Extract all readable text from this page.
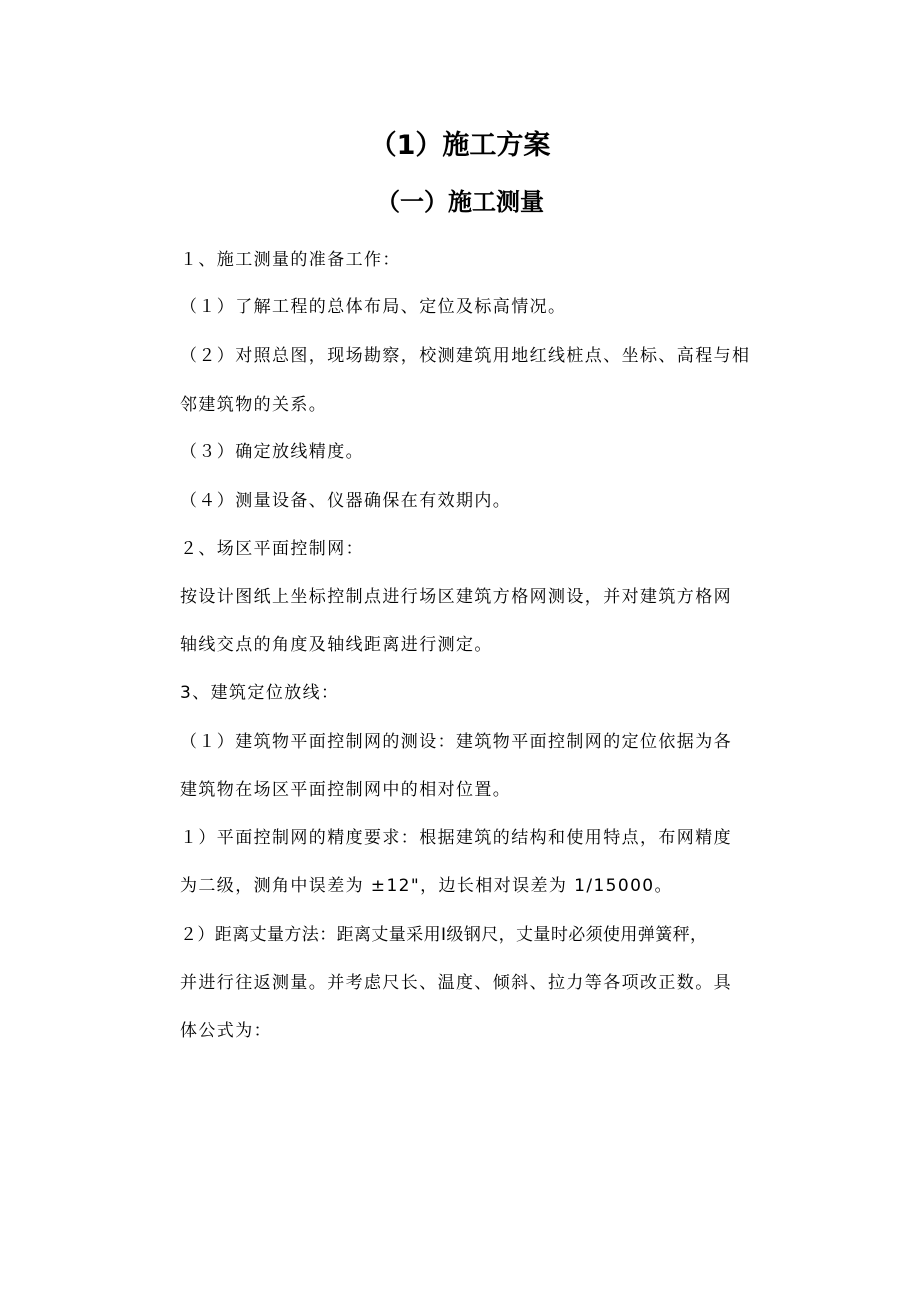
（1）施工方案
（一）施工测量
１、施工测量的准备工作：
（１）了解工程的总体布局、定位及标高情况。
（２）对照总图，现场勘察，校测建筑用地红线桩点、坐标、高程与相
邻建筑物的关系。
（３）确定放线精度。
（４）测量设备、仪器确保在有效期内。
２、场区平面控制网：
按设计图纸上坐标控制点进行场区建筑方格网测设，并对建筑方格网
轴线交点的角度及轴线距离进行测定。
3、建筑定位放线：
（１）建筑物平面控制网的测设：建筑物平面控制网的定位依据为各
建筑物在场区平面控制网中的相对位置。
１）平面控制网的精度要求：根据建筑的结构和使用特点，布网精度
为二级，测角中误差为 ±12"，边长相对误差为 1/15000。
２）距离丈量方法：距离丈量采用Ⅰ级钢尺，丈量时必须使用弹簧秤，
并进行往返测量。并考虑尺长、温度、倾斜、拉力等各项改正数。具
体公式为：
